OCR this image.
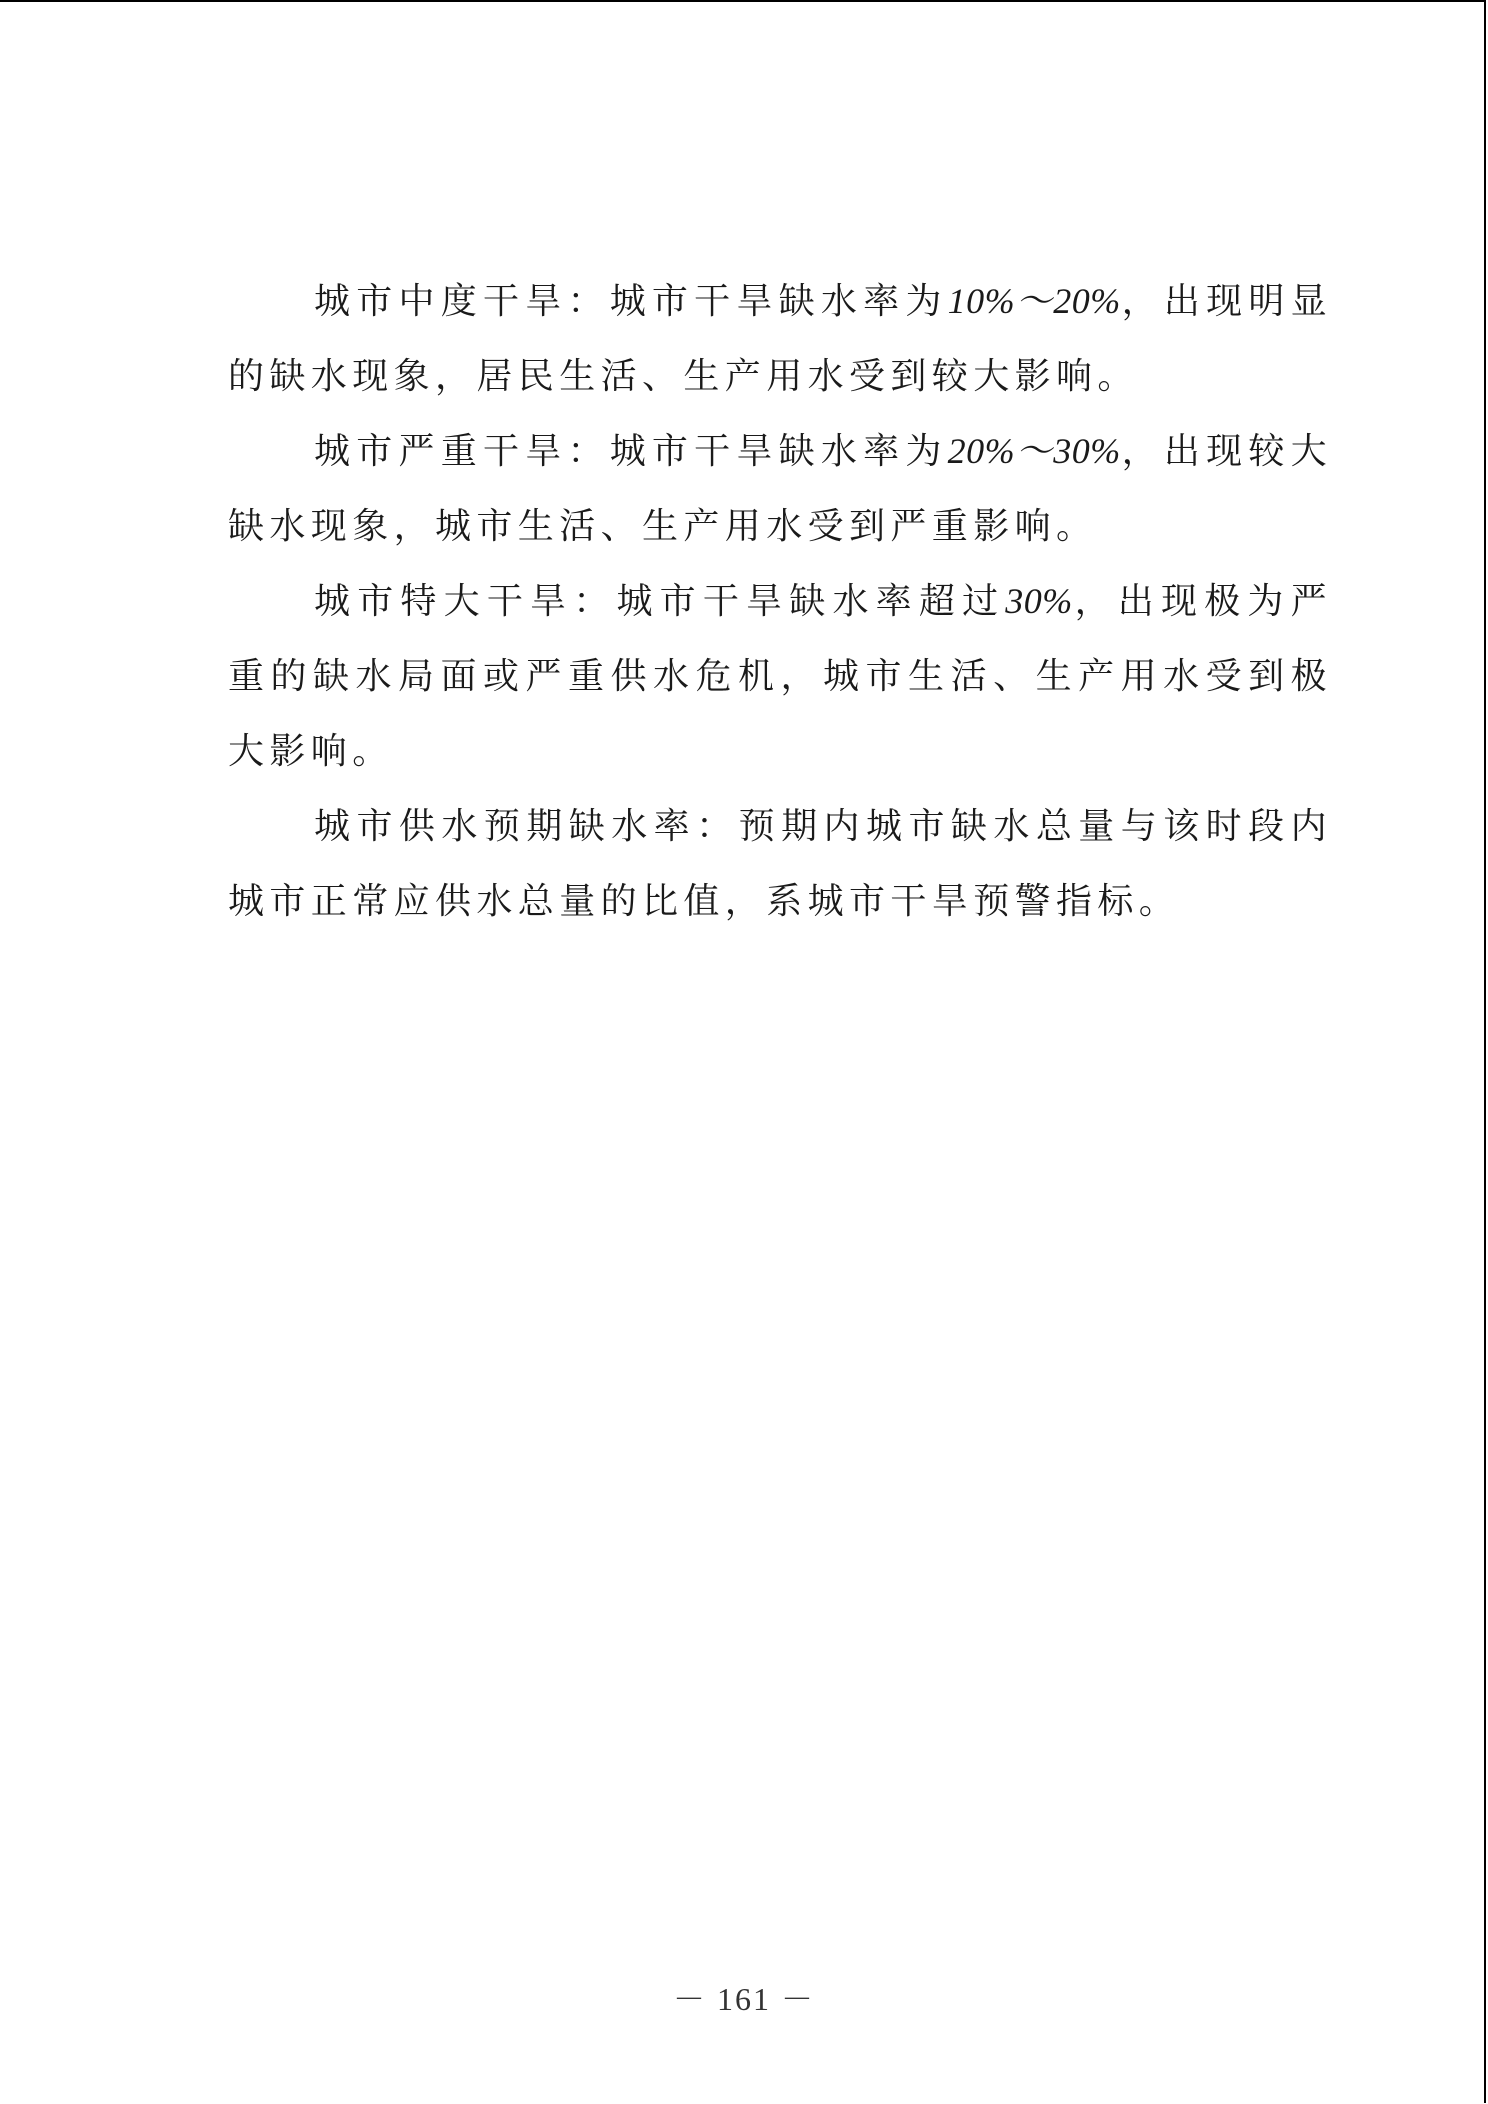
城市中度干旱：城市干旱缺水率为10%～20%，出现明显的缺水现象，居民生活、生产用水受到较大影响。

城市严重干旱：城市干旱缺水率为20%～30%，出现较大缺水现象，城市生活、生产用水受到严重影响。

城市特大干旱：城市干旱缺水率超过30%，出现极为严重的缺水局面或严重供水危机，城市生活、生产用水受到极大影响。

城市供水预期缺水率：预期内城市缺水总量与该时段内城市正常应供水总量的比值，系城市干旱预警指标。

－ 161 －
